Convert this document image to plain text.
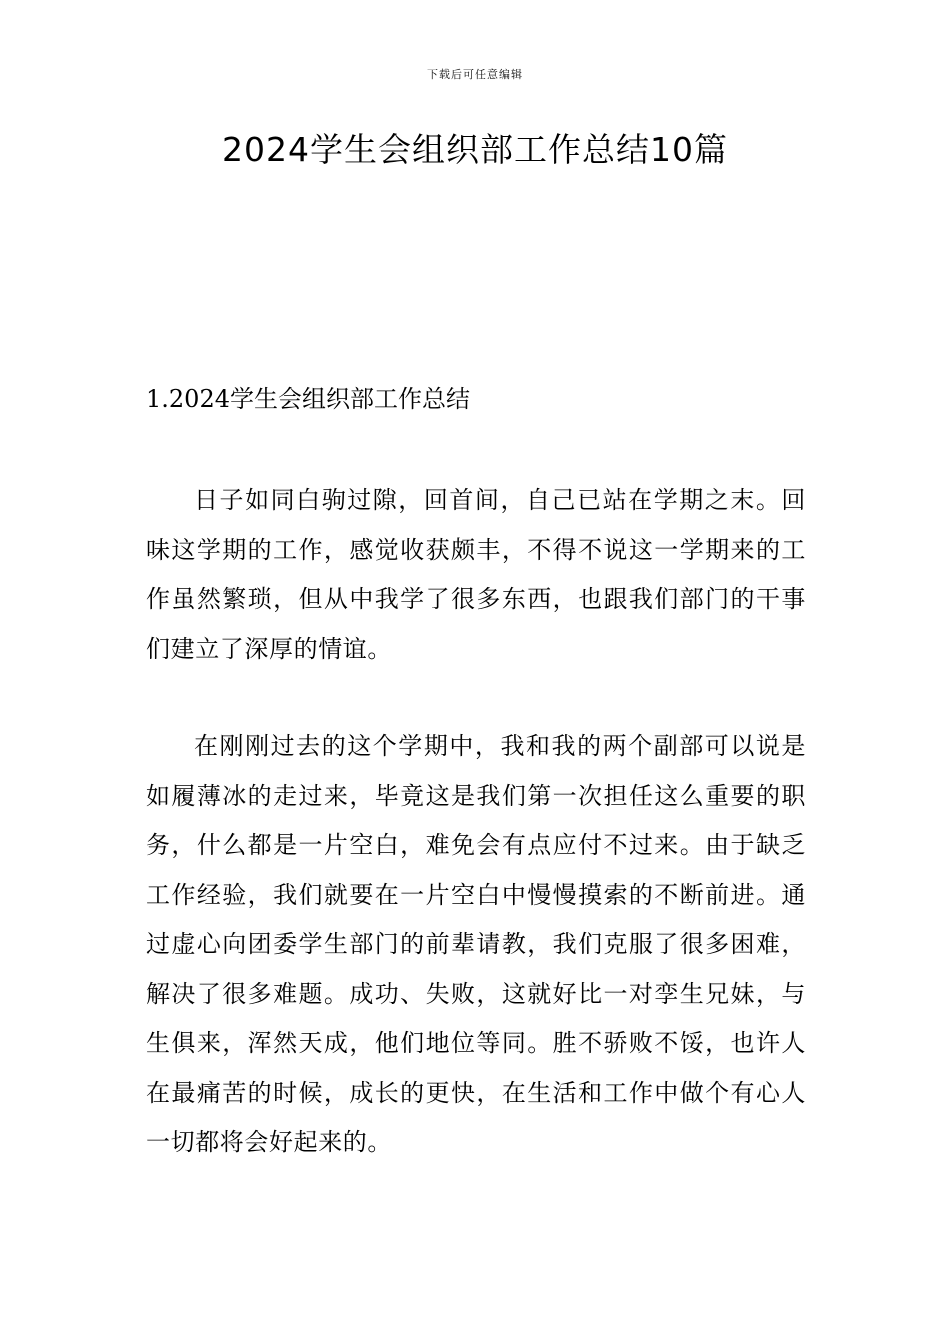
下载后可任意编辑
2024学生会组织部工作总结10篇
1.2024学生会组织部工作总结

日子如同白驹过隙，回首间，自己已站在学期之末。回味这学期的工作，感觉收获颇丰，不得不说这一学期来的工作虽然繁琐，但从中我学了很多东西，也跟我们部门的干事们建立了深厚的情谊。

在刚刚过去的这个学期中，我和我的两个副部可以说是如履薄冰的走过来，毕竟这是我们第一次担任这么重要的职务，什么都是一片空白，难免会有点应付不过来。由于缺乏工作经验，我们就要在一片空白中慢慢摸索的不断前进。通过虚心向团委学生部门的前辈请教，我们克服了很多困难，解决了很多难题。成功、失败，这就好比一对孪生兄妹，与生俱来，浑然天成，他们地位等同。胜不骄败不馁，也许人在最痛苦的时候，成长的更快，在生活和工作中做个有心人一切都将会好起来的。
